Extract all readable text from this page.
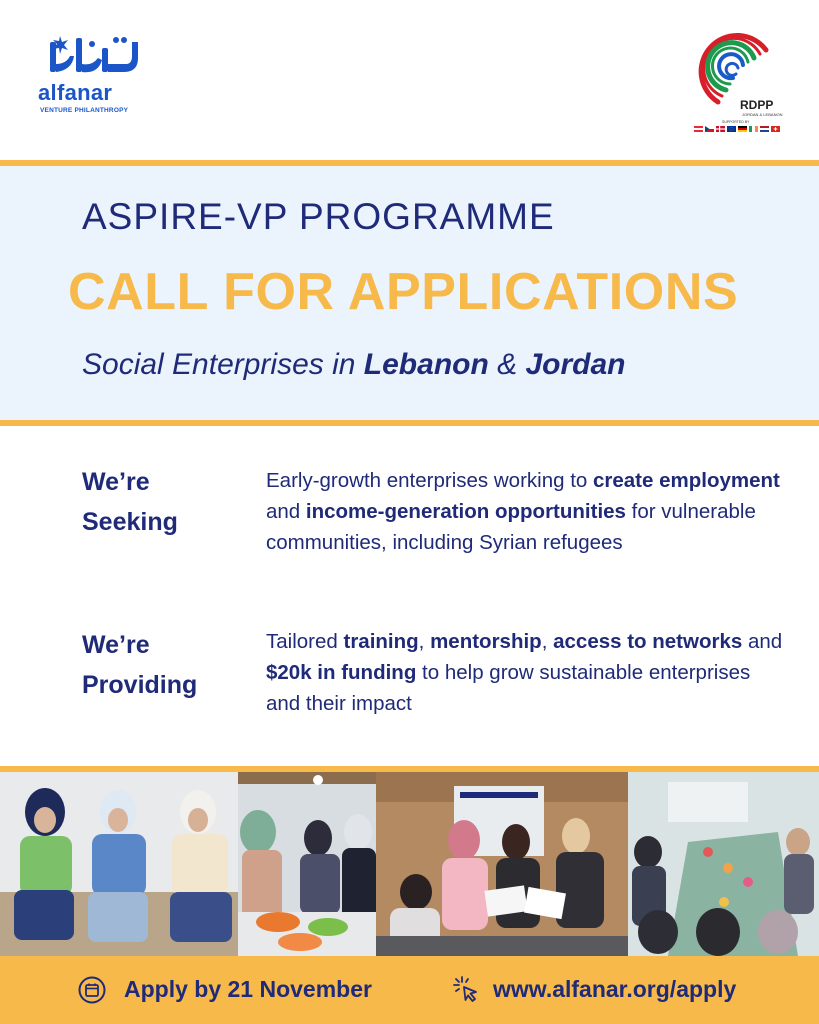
alfanar
VENTURE PHILANTHROPY	RDPP
JORDAN & LEBANON
SUPPORTED BY
ASPIRE-VP PROGRAMME
CALL FOR APPLICATIONS
Social Enterprises in Lebanon & Jordan
We’re
Seeking
Early-growth enterprises working to create employment and income-generation opportunities for vulnerable communities, including Syrian refugees
We’re
Providing
Tailored training, mentorship, access to networks and $20k in funding to help grow sustainable enterprises and their impact
Apply by 21 November	www.alfanar.org/apply
